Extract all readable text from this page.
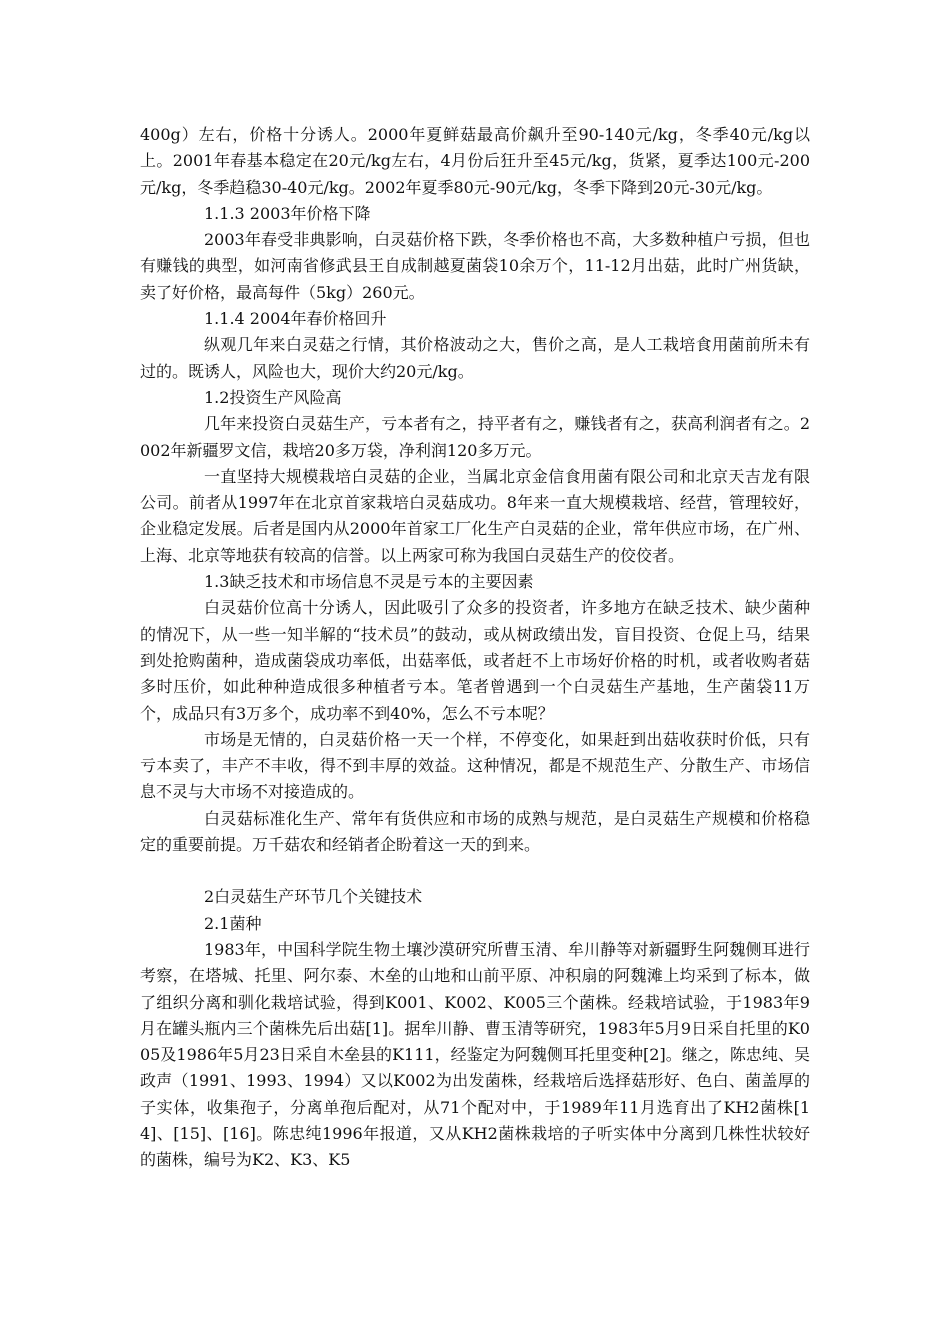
400g）左右，价格十分诱人。2000年夏鲜菇最高价飙升至90-140元/kg，冬季40元/kg以上。2001年春基本稳定在20元/kg左右，4月份后狂升至45元/kg，货紧，夏季达100元-200元/kg，冬季趋稳30-40元/kg。2002年夏季80元-90元/kg，冬季下降到20元-30元/kg。

1.1.3 2003年价格下降

2003年春受非典影响，白灵菇价格下跌，冬季价格也不高，大多数种植户亏损，但也有赚钱的典型，如河南省修武县王自成制越夏菌袋10余万个，11-12月出菇，此时广州货缺，卖了好价格，最高每件（5kg）260元。

1.1.4 2004年春价格回升

纵观几年来白灵菇之行情，其价格波动之大，售价之高，是人工栽培食用菌前所未有过的。既诱人，风险也大，现价大约20元/kg。

1.2投资生产风险高

几年来投资白灵菇生产，亏本者有之，持平者有之，赚钱者有之，获高利润者有之。2002年新疆罗文信，栽培20多万袋，净利润120多万元。

一直坚持大规模栽培白灵菇的企业，当属北京金信食用菌有限公司和北京天吉龙有限公司。前者从1997年在北京首家栽培白灵菇成功。8年来一直大规模栽培、经营，管理较好，企业稳定发展。后者是国内从2000年首家工厂化生产白灵菇的企业，常年供应市场，在广州、上海、北京等地获有较高的信誉。以上两家可称为我国白灵菇生产的佼佼者。

1.3缺乏技术和市场信息不灵是亏本的主要因素

白灵菇价位高十分诱人，因此吸引了众多的投资者，许多地方在缺乏技术、缺少菌种的情况下，从一些一知半解的“技术员”的鼓动，或从树政绩出发，盲目投资、仓促上马，结果到处抢购菌种，造成菌袋成功率低，出菇率低，或者赶不上市场好价格的时机，或者收购者菇多时压价，如此种种造成很多种植者亏本。笔者曾遇到一个白灵菇生产基地，生产菌袋11万个，成品只有3万多个，成功率不到40%，怎么不亏本呢？

市场是无情的，白灵菇价格一天一个样，不停变化，如果赶到出菇收获时价低，只有亏本卖了，丰产不丰收，得不到丰厚的效益。这种情况，都是不规范生产、分散生产、市场信息不灵与大市场不对接造成的。

白灵菇标准化生产、常年有货供应和市场的成熟与规范，是白灵菇生产规模和价格稳定的重要前提。万千菇农和经销者企盼着这一天的到来。

2白灵菇生产环节几个关键技术

2.1菌种

1983年，中国科学院生物土壤沙漠研究所曹玉清、牟川静等对新疆野生阿魏侧耳进行考察，在塔城、托里、阿尔泰、木垒的山地和山前平原、冲积扇的阿魏滩上均采到了标本，做了组织分离和驯化栽培试验，得到K001、K002、K005三个菌株。经栽培试验，于1983年9月在罐头瓶内三个菌株先后出菇[1]。据牟川静、曹玉清等研究，1983年5月9日采自托里的K005及1986年5月23日采自木垒县的K111，经鉴定为阿魏侧耳托里变种[2]。继之，陈忠纯、吴政声（1991、1993、1994）又以K002为出发菌株，经栽培后选择菇形好、色白、菌盖厚的子实体，收集孢子，分离单孢后配对，从71个配对中，于1989年11月选育出了KH2菌株[14]、[15]、[16]。陈忠纯1996年报道，又从KH2菌株栽培的子听实体中分离到几株性状较好的菌株，编号为K2、K3、K5
